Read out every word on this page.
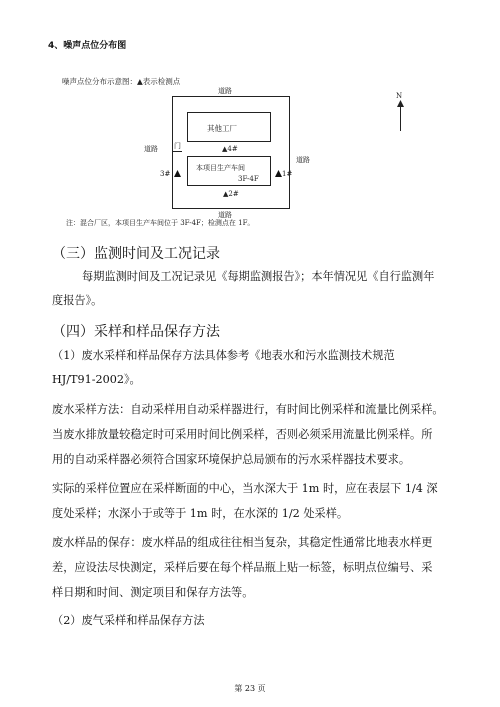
4、噪声点位分布图
噪声点位分布示意图：▲表示检测点
道路
其他工厂
▲4#
本项目生产车间
3F-4F
门
3#	1#
▲2#
道路
道路
道路
N
注：混合厂区，本项目生产车间位于 3F-4F；检测点在 1F。
（三）监测时间及工况记录
每期监测时间及工况记录见《每期监测报告》；本年情况见《自行监测年
度报告》。
（四）采样和样品保存方法
（1）废水采样和样品保存方法具体参考《地表水和污水监测技术规范
HJ/T91-2002》。
废水采样方法：自动采样用自动采样器进行，有时间比例采样和流量比例采样。
当废水排放量较稳定时可采用时间比例采样，否则必须采用流量比例采样。所
用的自动采样器必须符合国家环境保护总局颁布的污水采样器技术要求。
实际的采样位置应在采样断面的中心，当水深大于 1m 时，应在表层下 1/4 深
度处采样；水深小于或等于 1m 时，在水深的 1/2 处采样。
废水样品的保存：废水样品的组成往往相当复杂，其稳定性通常比地表水样更
差，应设法尽快测定，采样后要在每个样品瓶上贴一标签，标明点位编号、采
样日期和时间、测定项目和保存方法等。
（2）废气采样和样品保存方法
第 23 页
